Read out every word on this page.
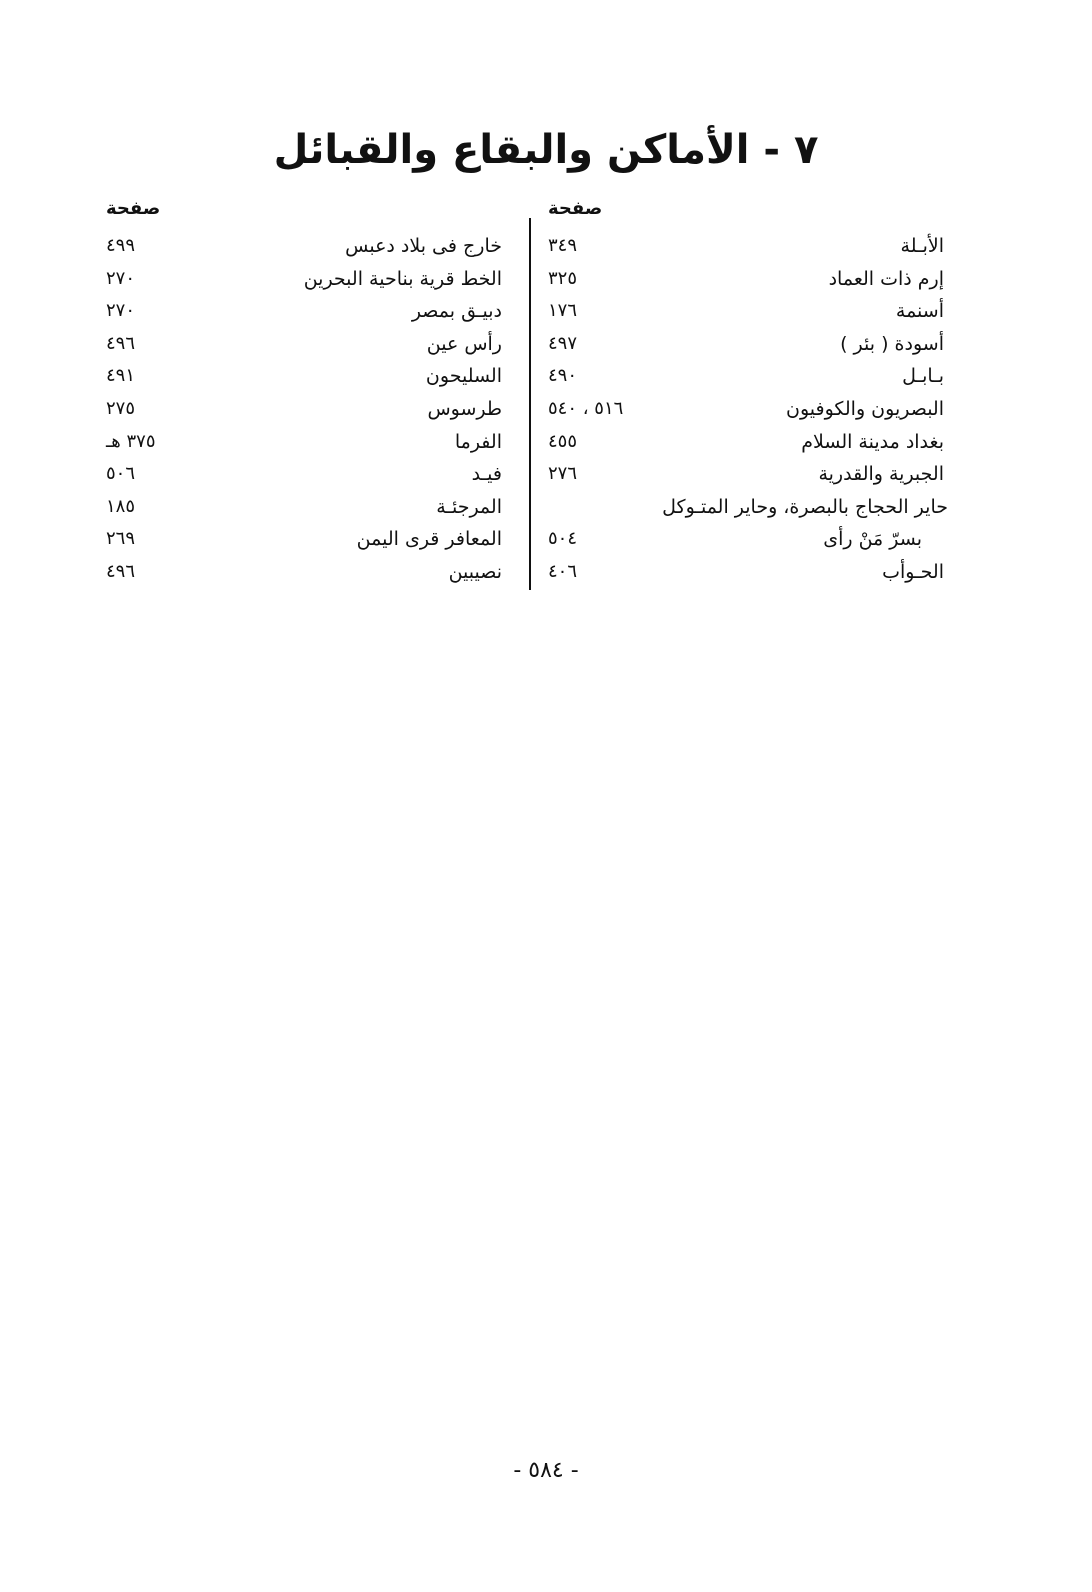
٧ - الأماكن والبقاع والقبائل
صفحة
صفحة
الأبـلة
٣٤٩
إرم ذات العماد
٣٢٥
أسنمة
١٧٦
أسودة ( بئر )
٤٩٧
بـابـل
٤٩٠
البصريون والكوفيون
٥١٦ ، ٥٤٠
بغداد مدينة السلام
٤٥٥
الجبرية والقدرية
٢٧٦
حاير الحجاج بالبصرة، وحاير المتـوكل
بسرّ مَنْ رأى
٥٠٤
الحـوأب
٤٠٦
خارج فى بلاد دعبس
٤٩٩
الخط قرية بناحية البحرين
٢٧٠
دبيـق بمصر
٢٧٠
رأس عين
٤٩٦
السليحون
٤٩١
طرسوس
٢٧٥
الفرما
٣٧٥ هـ
فيـد
٥٠٦
المرجئـة
١٨٥
المعافر قرى اليمن
٢٦٩
نصيبين
٤٩٦
- ٥٨٤ -
